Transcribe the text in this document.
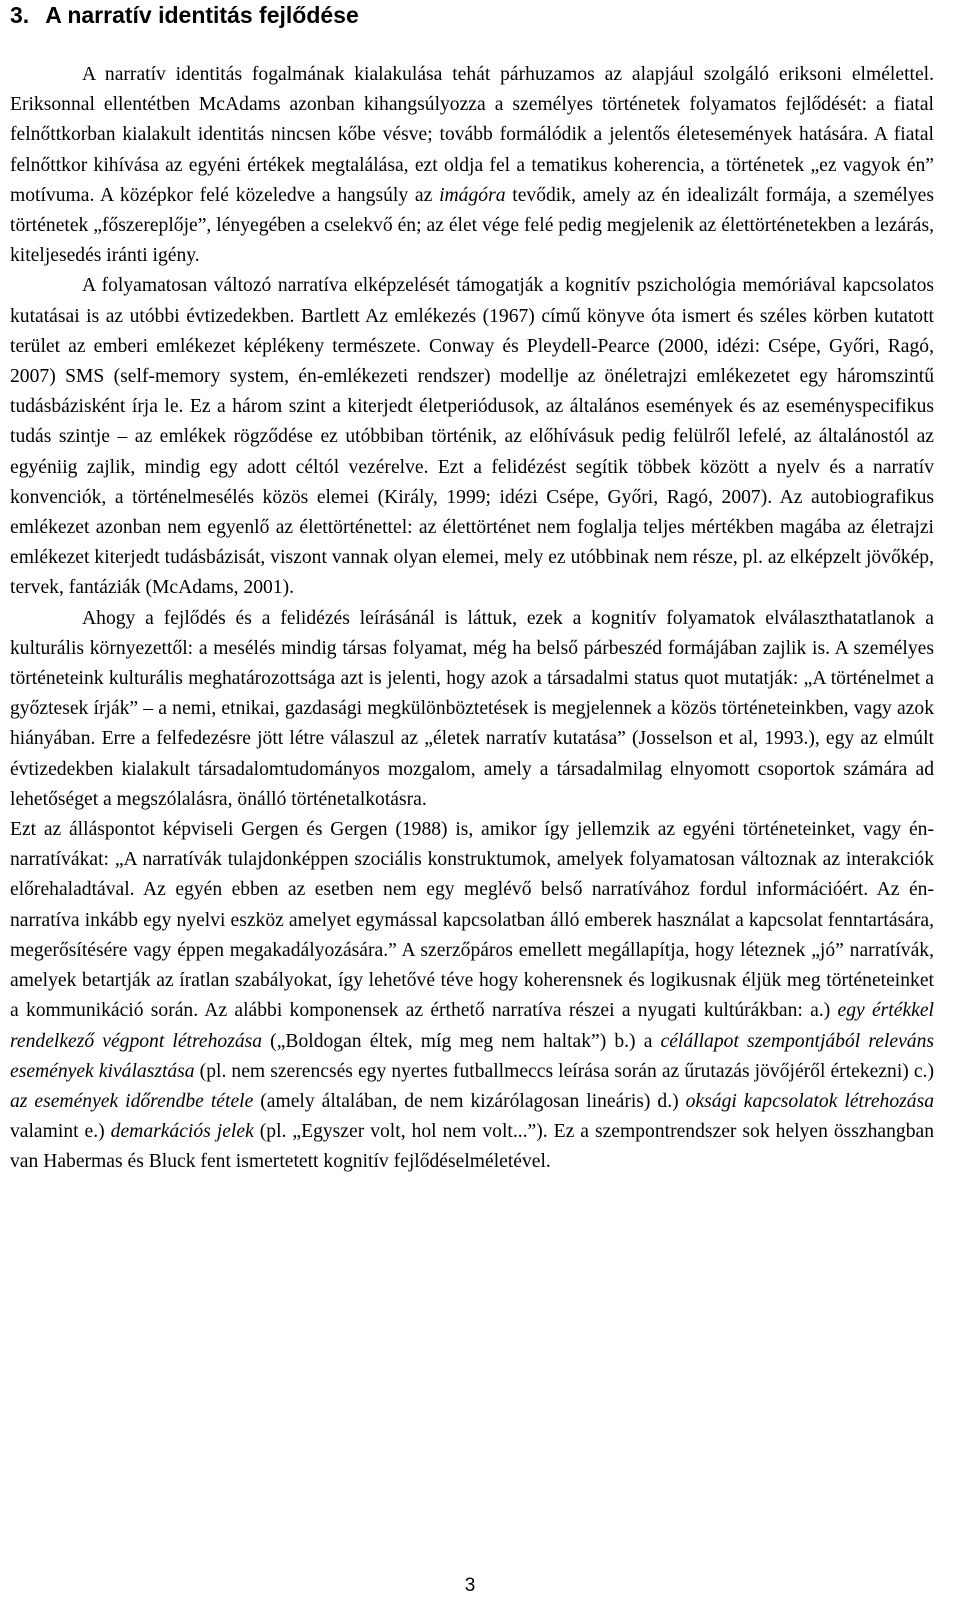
3. A narratív identitás fejlődése

A narratív identitás fogalmának kialakulása tehát párhuzamos az alapjául szolgáló eriksoni elmélettel. Eriksonnal ellentétben McAdams azonban kihangsúlyozza a személyes történetek folyamatos fejlődését: a fiatal felnőttkorban kialakult identitás nincsen kőbe vésve; tovább formálódik a jelentős életesemények hatására. A fiatal felnőttkor kihívása az egyéni értékek megtalálása, ezt oldja fel a tematikus koherencia, a történetek „ez vagyok én” motívuma. A középkor felé közeledve a hangsúly az imágóra tevődik, amely az én idealizált formája, a személyes történetek „főszereplője”, lényegében a cselekvő én; az élet vége felé pedig megjelenik az élettörténetekben a lezárás, kiteljesedés iránti igény.

A folyamatosan változó narratíva elképzelését támogatják a kognitív pszichológia memóriával kapcsolatos kutatásai is az utóbbi évtizedekben. Bartlett Az emlékezés (1967) című könyve óta ismert és széles körben kutatott terület az emberi emlékezet képlékeny természete. Conway és Pleydell-Pearce (2000, idézi: Csépe, Győri, Ragó, 2007) SMS (self-memory system, én-emlékezeti rendszer) modellje az önéletrajzi emlékezetet egy háromszintű tudásbázisként írja le. Ez a három szint a kiterjedt életperiódusok, az általános események és az eseményspecifikus tudás szintje – az emlékek rögződése ez utóbbiban történik, az előhívásuk pedig felülről lefelé, az általánostól az egyéniig zajlik, mindig egy adott céltól vezérelve. Ezt a felidézést segítik többek között a nyelv és a narratív konvenciók, a történelmesélés közös elemei (Király, 1999; idézi Csépe, Győri, Ragó, 2007). Az autobiografikus emlékezet azonban nem egyenlő az élettörténettel: az élettörténet nem foglalja teljes mértékben magába az életrajzi emlékezet kiterjedt tudásbázisát, viszont vannak olyan elemei, mely ez utóbbinak nem része, pl. az elképzelt jövőkép, tervek, fantáziák (McAdams, 2001).

Ahogy a fejlődés és a felidézés leírásánál is láttuk, ezek a kognitív folyamatok elválaszthatatlanok a kulturális környezettől: a mesélés mindig társas folyamat, még ha belső párbeszéd formájában zajlik is. A személyes történeteink kulturális meghatározottsága azt is jelenti, hogy azok a társadalmi status quot mutatják: „A történelmet a győztesek írják” – a nemi, etnikai, gazdasági megkülönböztetések is megjelennek a közös történeteinkben, vagy azok hiányában. Erre a felfedezésre jött létre válaszul az „életek narratív kutatása” (Josselson et al, 1993.), egy az elmúlt évtizedekben kialakult társadalomtudományos mozgalom, amely a társadalmilag elnyomott csoportok számára ad lehetőséget a megszólalásra, önálló történetalkotásra.

Ezt az álláspontot képviseli Gergen és Gergen (1988) is, amikor így jellemzik az egyéni történeteinket, vagy én-narratívákat: „A narratívák tulajdonképpen szociális konstruktumok, amelyek folyamatosan változnak az interakciók előrehaladtával. Az egyén ebben az esetben nem egy meglévő belső narratívához fordul információért. Az én-narratíva inkább egy nyelvi eszköz amelyet egymással kapcsolatban álló emberek használat a kapcsolat fenntartására, megerősítésére vagy éppen megakadályozására.” A szerzőpáros emellett megállapítja, hogy léteznek „jó” narratívák, amelyek betartják az íratlan szabályokat, így lehetővé téve hogy koherensnek és logikusnak éljük meg történeteinket a kommunikáció során. Az alábbi komponensek az érthető narratíva részei a nyugati kultúrákban: a.) egy értékkel rendelkező végpont létrehozása („Boldogan éltek, míg meg nem haltak”) b.) a célállapot szempontjából releváns események kiválasztása (pl. nem szerencsés egy nyertes futballmeccs leírása során az űrutazás jövőjéről értekezni) c.) az események időrendbe tétele (amely általában, de nem kizárólagosan lineáris) d.) oksági kapcsolatok létrehozása valamint e.) demarkációs jelek (pl. „Egyszer volt, hol nem volt...”). Ez a szempontrendszer sok helyen összhangban van Habermas és Bluck fent ismertetett kognitív fejlődéselméletével.

3
